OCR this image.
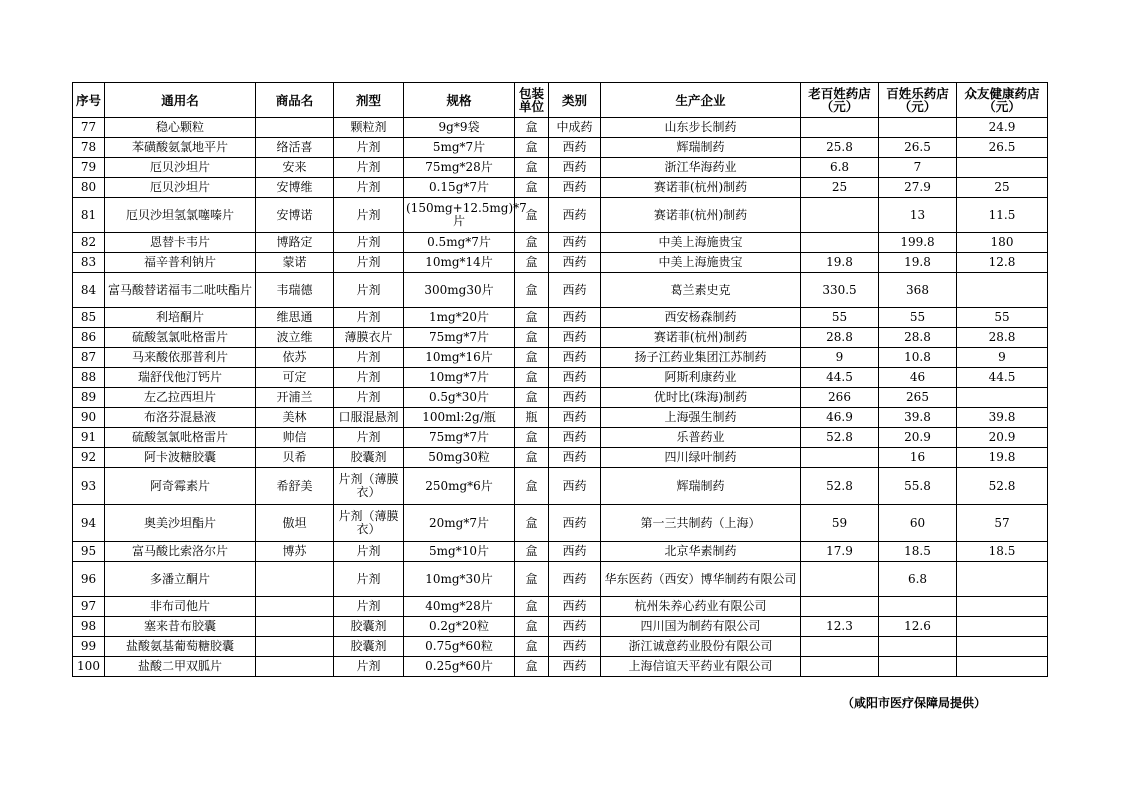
序号	通用名	商品名	剂型	规格	包装单位	类别	生产企业	老百姓药店（元）	百姓乐药店（元）	众友健康药店（元）
77	稳心颗粒		颗粒剂	9g*9袋	盒	中成药	山东步长制药			24.9
78	苯磺酸氨氯地平片	络活喜	片剂	5mg*7片	盒	西药	辉瑞制药	25.8	26.5	26.5
79	厄贝沙坦片	安来	片剂	75mg*28片	盒	西药	浙江华海药业	6.8	7	
80	厄贝沙坦片	安博维	片剂	0.15g*7片	盒	西药	赛诺菲(杭州)制药	25	27.9	25
81	厄贝沙坦氢氯噻嗪片	安博诺	片剂	(150mg+12.5mg)*7片	盒	西药	赛诺菲(杭州)制药		13	11.5
82	恩替卡韦片	博路定	片剂	0.5mg*7片	盒	西药	中美上海施贵宝		199.8	180
83	福辛普利钠片	蒙诺	片剂	10mg*14片	盒	西药	中美上海施贵宝	19.8	19.8	12.8
84	富马酸替诺福韦二吡呋酯片	韦瑞德	片剂	300mg30片	盒	西药	葛兰素史克	330.5	368	
85	利培酮片	维思通	片剂	1mg*20片	盒	西药	西安杨森制药	55	55	55
86	硫酸氢氯吡格雷片	波立维	薄膜衣片	75mg*7片	盒	西药	赛诺菲(杭州)制药	28.8	28.8	28.8
87	马来酸依那普利片	依苏	片剂	10mg*16片	盒	西药	扬子江药业集团江苏制药	9	10.8	9
88	瑞舒伐他汀钙片	可定	片剂	10mg*7片	盒	西药	阿斯利康药业	44.5	46	44.5
89	左乙拉西坦片	开浦兰	片剂	0.5g*30片	盒	西药	优时比(珠海)制药	266	265	
90	布洛芬混悬液	美林	口服混悬剂	100ml:2g/瓶	瓶	西药	上海强生制药	46.9	39.8	39.8
91	硫酸氢氯吡格雷片	帅信	片剂	75mg*7片	盒	西药	乐普药业	52.8	20.9	20.9
92	阿卡波糖胶囊	贝希	胶囊剂	50mg30粒	盒	西药	四川绿叶制药		16	19.8
93	阿奇霉素片	希舒美	片剂（薄膜衣）	250mg*6片	盒	西药	辉瑞制药	52.8	55.8	52.8
94	奥美沙坦酯片	傲坦	片剂（薄膜衣）	20mg*7片	盒	西药	第一三共制药（上海）	59	60	57
95	富马酸比索洛尔片	博苏	片剂	5mg*10片	盒	西药	北京华素制药	17.9	18.5	18.5
96	多潘立酮片		片剂	10mg*30片	盒	西药	华东医药（西安）博华制药有限公司		6.8	
97	非布司他片		片剂	40mg*28片	盒	西药	杭州朱养心药业有限公司			
98	塞来昔布胶囊		胶囊剂	0.2g*20粒	盒	西药	四川国为制药有限公司	12.3	12.6	
99	盐酸氨基葡萄糖胶囊		胶囊剂	0.75g*60粒	盒	西药	浙江诚意药业股份有限公司			
100	盐酸二甲双胍片		片剂	0.25g*60片	盒	西药	上海信谊天平药业有限公司			
（咸阳市医疗保障局提供）
